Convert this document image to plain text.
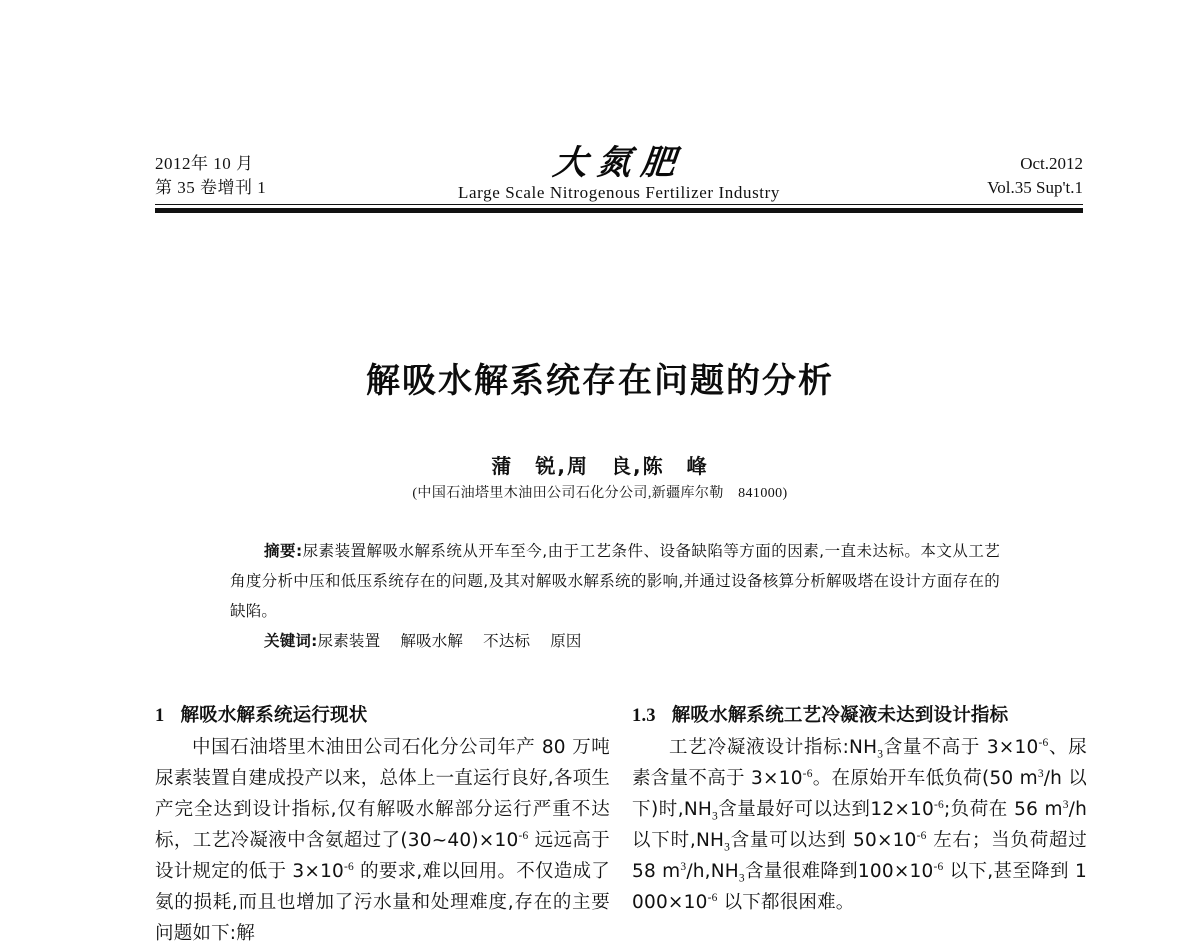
2012年 10 月
第 35 卷增刊 1
大氮肥
Large Scale Nitrogenous Fertilizer Industry
Oct.2012
Vol.35 Sup't.1
解吸水解系统存在问题的分析
蒲　锐,周　良,陈　峰
(中国石油塔里木油田公司石化分公司,新疆库尔勒　841000)
摘要:尿素装置解吸水解系统从开车至今,由于工艺条件、设备缺陷等方面的因素,一直未达标。本文从工艺角度分析中压和低压系统存在的问题,及其对解吸水解系统的影响,并通过设备核算分析解吸塔在设计方面存在的缺陷。
关键词:尿素装置 解吸水解 不达标 原因
1 解吸水解系统运行现状

中国石油塔里木油田公司石化分公司年产 80 万吨尿素装置自建成投产以来，总体上一直运行良好,各项生产完全达到设计指标,仅有解吸水解部分运行严重不达标，工艺冷凝液中含氨超过了$(30\sim 40)\times 10^{-6}$ 远远高于设计规定的低于 $3\times 10^{-6}$ 的要求,难以回用。不仅造成了氨的损耗,而且也增加了污水量和处理难度,存在的主要问题如下:解

1.3 解吸水解系统工艺冷凝液未达到设计指标

工艺冷凝液设计指标$:NH_3$含量不高于 $3\times 10^{-6}$、尿素含量不高于 $3\times 10^{-6}$。在原始开车低负荷(50 $m^3/h$ 以下)时$,NH_3$含量最好可以达到$12\times 10^{-6}$;负荷在 56 $m^3/h$ 以下时$,NH_3$含量可以达到 $50\times 10^{-6}$ 左右；当负荷超过 58 $m^3/h,NH_3$含量很难降到$100\times 10^{-6}$ 以下,甚至降到 1 $000\times 10^{-6}$ 以下都很困难。
